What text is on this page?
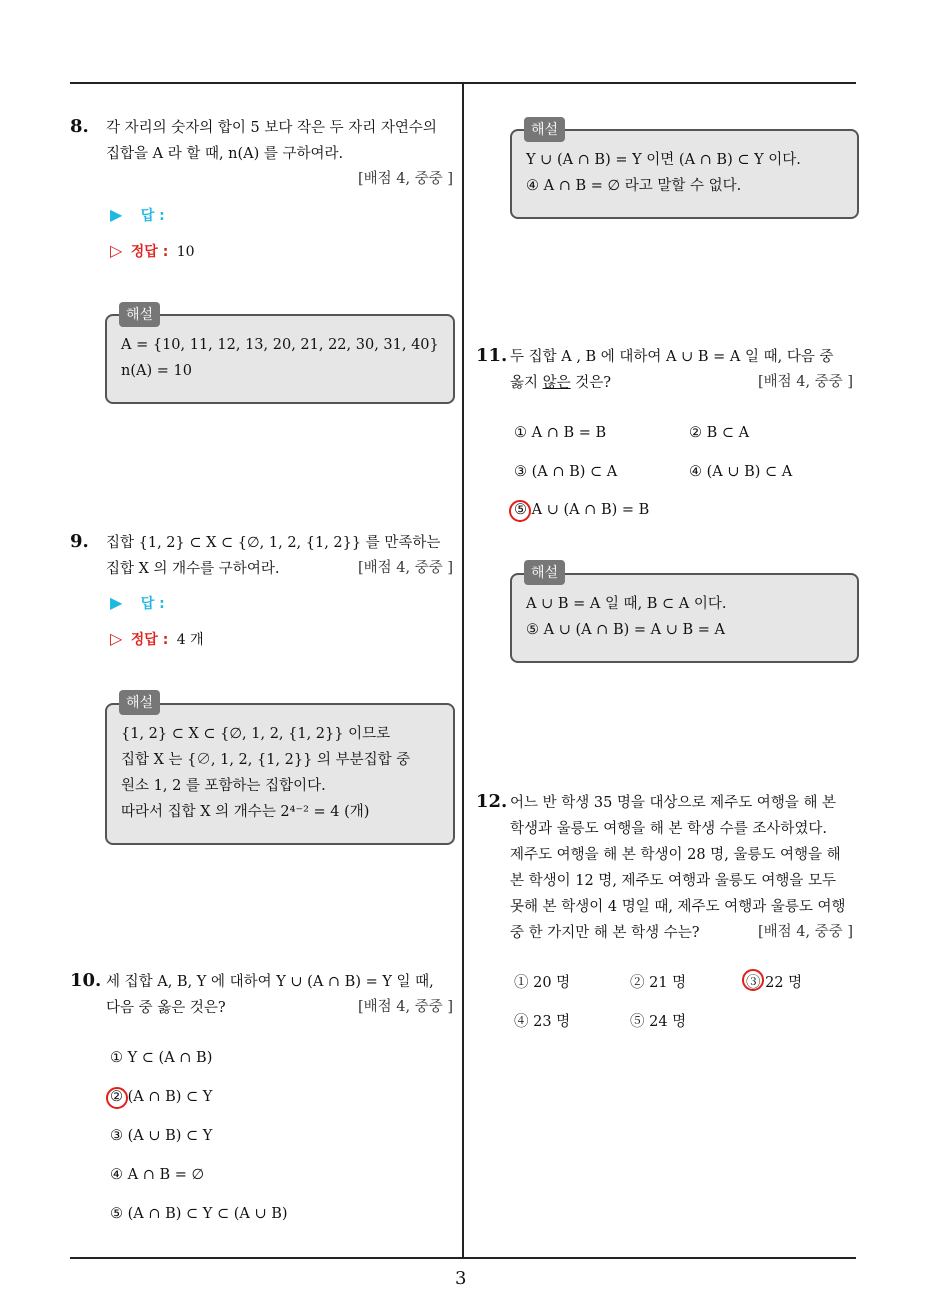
3
8. 각 자리의 숫자의 합이 5 보다 작은 두 자리 자연수의
집합을 A 라 할 때, n(A) 를 구하여라.
[배점 4, 중중 ]
▶ 답 :
▷ 정답 : 10
A = {10, 11, 12, 13, 20, 21, 22, 30, 31, 40}
n(A) = 10
해설
9. 집합 {1, 2} ⊂ X ⊂ {∅, 1, 2, {1, 2}} 를 만족하는
집합 X 의 개수를 구하여라.	[배점 4, 중중 ]
▶ 답 :
▷ 정답 : 4 개
{1, 2} ⊂ X ⊂ {∅, 1, 2, {1, 2}} 이므로
집합 X 는 {∅, 1, 2, {1, 2}} 의 부분집합 중
원소 1, 2 를 포함하는 집합이다.
따라서 집합 X 의 개수는 2⁴⁻² = 4 (개)
해설
10. 세 집합 A, B, Y 에 대하여 Y ∪ (A ∩ B) = Y 일 때,
다음 중 옳은 것은?	[배점 4, 중중 ]
① Y ⊂ (A ∩ B)
② (A ∩ B) ⊂ Y
③ (A ∪ B) ⊂ Y
④ A ∩ B = ∅
⑤ (A ∩ B) ⊂ Y ⊂ (A ∪ B)
Y ∪ (A ∩ B) = Y 이면 (A ∩ B) ⊂ Y 이다.
④ A ∩ B = ∅ 라고 말할 수 없다.
해설
11. 두 집합 A , B 에 대하여 A ∪ B = A 일 때, 다음 중
옳지 않은 것은?	[배점 4, 중중 ]
① A ∩ B = B	② B ⊂ A
③ (A ∩ B) ⊂ A	④ (A ∪ B) ⊂ A
⑤ A ∪ (A ∩ B) = B
A ∪ B = A 일 때, B ⊂ A 이다.
⑤ A ∪ (A ∩ B) = A ∪ B = A
해설
12. 어느 반 학생 35 명을 대상으로 제주도 여행을 해 본
학생과 울릉도 여행을 해 본 학생 수를 조사하였다.
제주도 여행을 해 본 학생이 28 명, 울릉도 여행을 해
본 학생이 12 명, 제주도 여행과 울릉도 여행을 모두
못해 본 학생이 4 명일 때, 제주도 여행과 울릉도 여행
중 한 가지만 해 본 학생 수는?	[배점 4, 중중 ]
① 20 명	② 21 명	③ 22 명
④ 23 명	⑤ 24 명
